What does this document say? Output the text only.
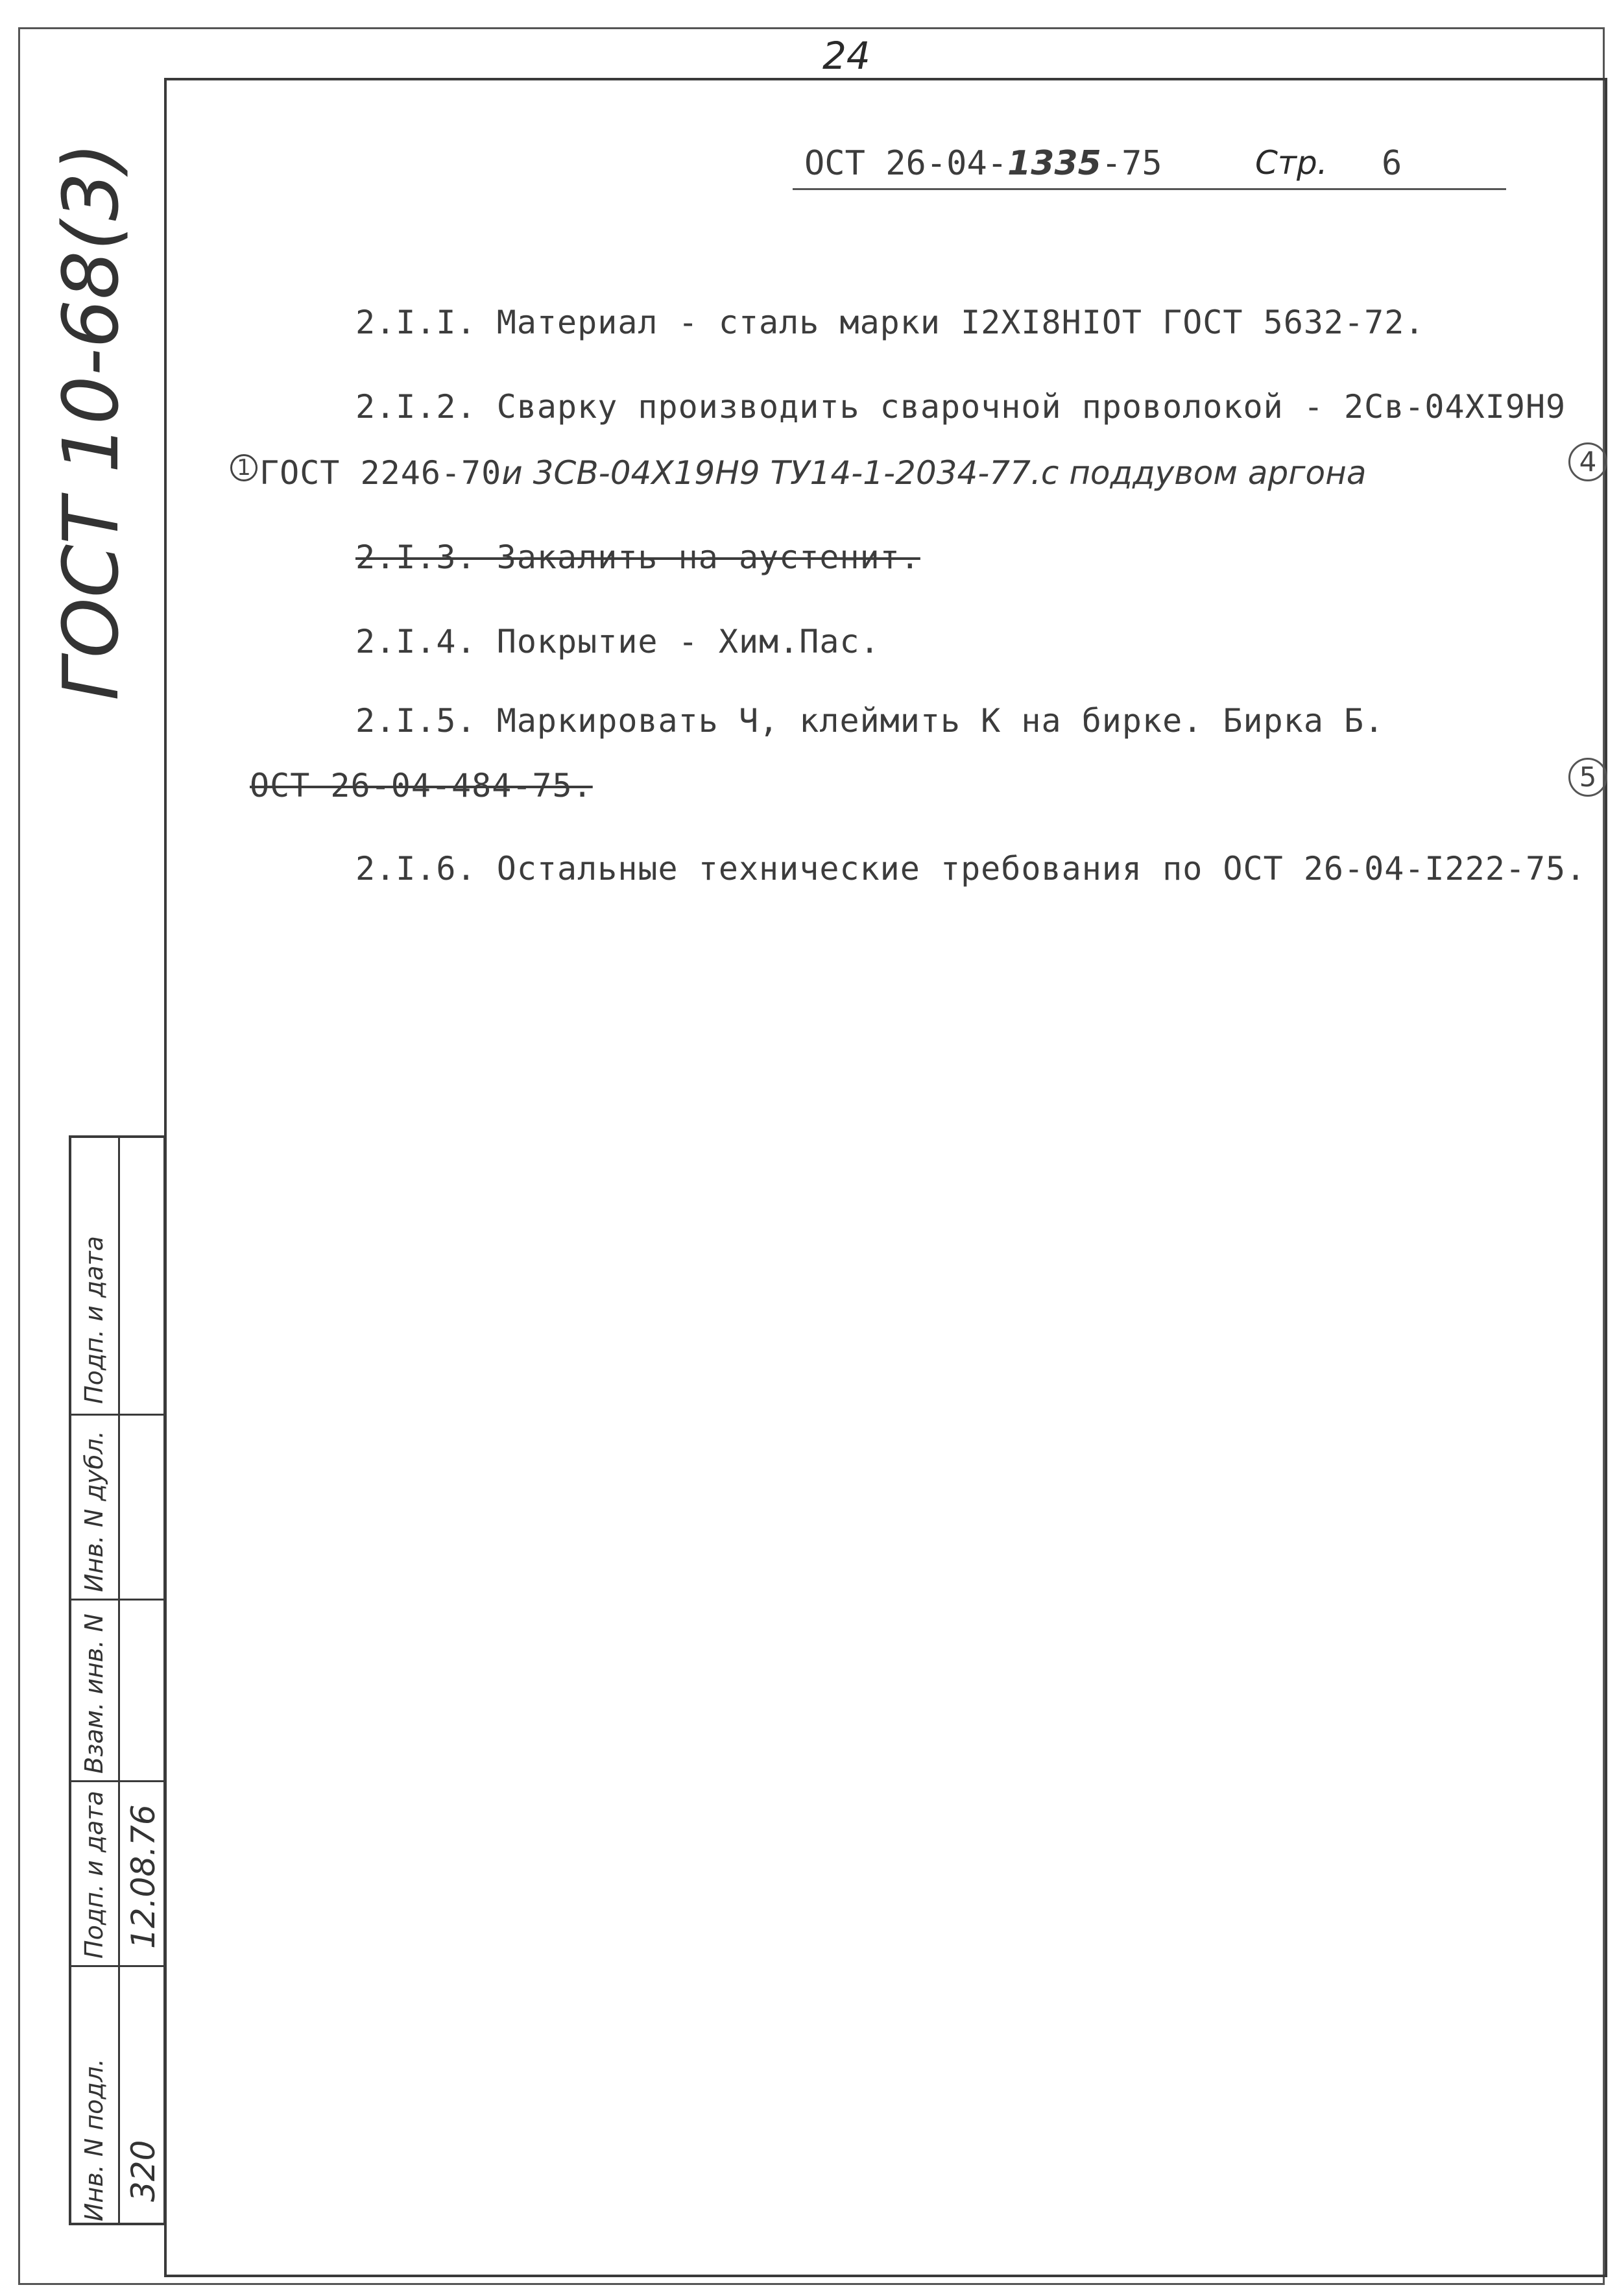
24
ГОСТ 10-68(3)	ОСТ 26-04-1335-75	Стр. 6
2.I.I. Материал - сталь марки I2XI8HIОТ ГОСТ 5632-72.
2.I.2. Сварку производить сварочной проволокой - 2Св-04XI9H9
1 ГОСТ 2246-70и 3СВ-04Х19Н9 ТУ14-1-2034-77.с поддувом аргона
2.I.3. Закалить на аустенит.
2.I.4. Покрытие - Хим.Пас.
2.I.5. Маркировать Ч, клеймить К на бирке. Бирка Б.
ОСТ 26-04-484-75.
2.I.6. Остальные технические требования по ОСТ 26-04-I222-75.
4
5
Подп. и дата
Инв. N дубл.
Взам. инв. N
Подп. и дата
Инв. N подл.
12.08.76
320
